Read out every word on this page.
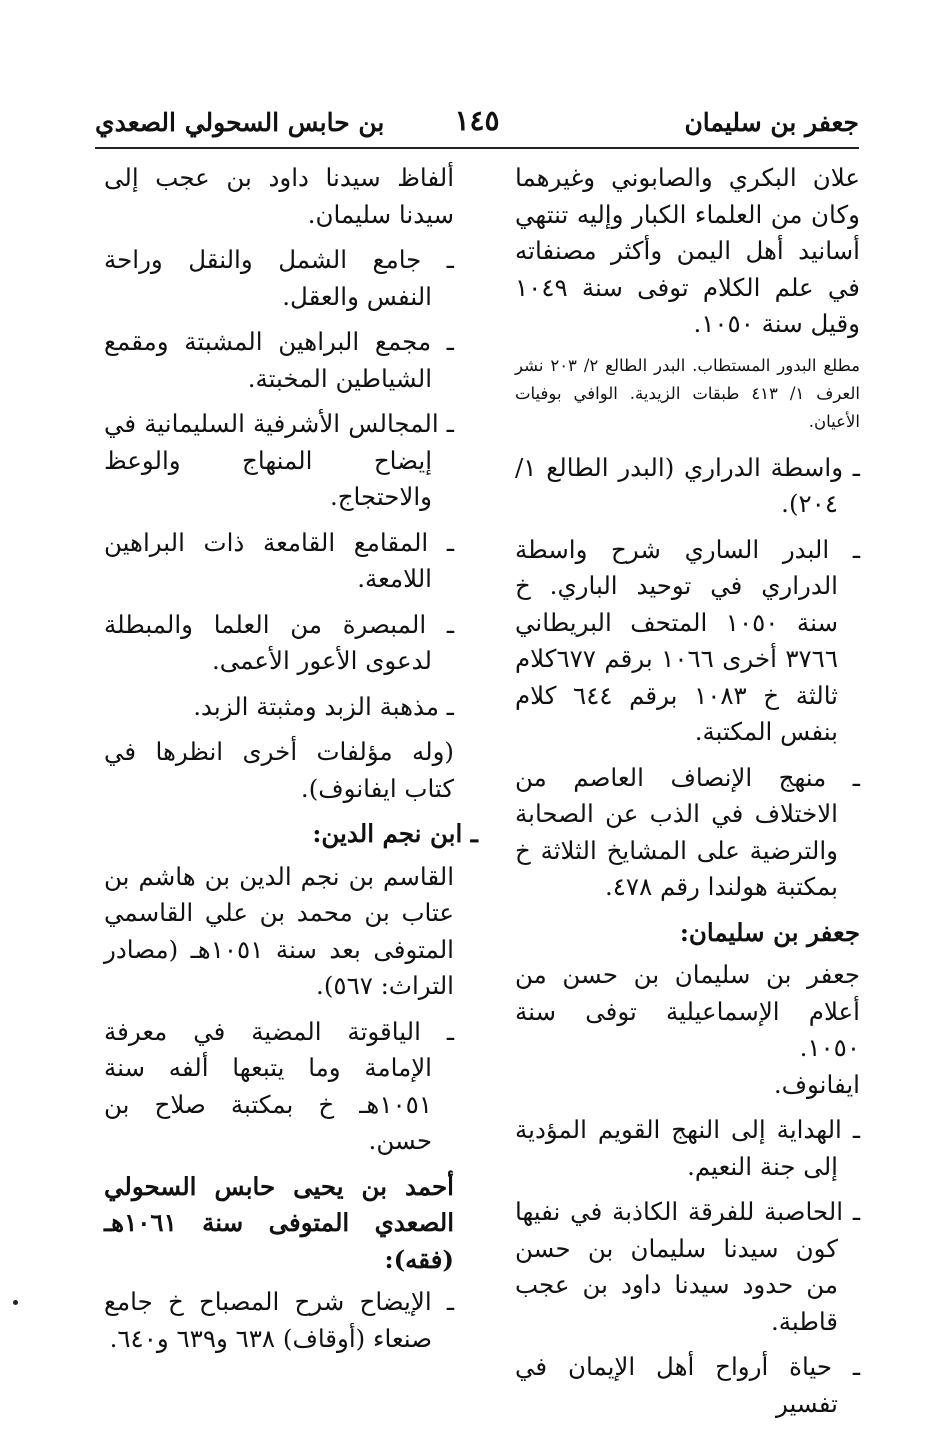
جعفر بن سليمان
١٤٥
بن حابس السحولي الصعدي

علان البكري والصابوني وغيرهما وكان من العلماء الكبار وإليه تنتهي أسانيد أهل اليمن وأكثر مصنفاته في علم الكلام توفى سنة ١٠٤٩ وقيل سنة ١٠٥٠.

مطلع البدور المستطاب. البدر الطالع ٢/ ٢٠٣ نشر العرف ١/ ٤١٣ طبقات الزيدية. الوافي بوفيات الأعيان.

ـ واسطة الدراري (البدر الطالع ١/ ٢٠٤).

ـ البدر الساري شرح واسطة الدراري في توحيد الباري. خ سنة ١٠٥٠ المتحف البريطاني ٣٧٦٦ أخرى ١٠٦٦ برقم ٦٧٧كلام ثالثة خ ١٠٨٣ برقم ٦٤٤ كلام بنفس المكتبة.

ـ منهج الإنصاف العاصم من الاختلاف في الذب عن الصحابة والترضية على المشايخ الثلاثة خ بمكتبة هولندا رقم ٤٧٨.

جعفر بن سليمان:

جعفر بن سليمان بن حسن من أعلام الإسماعيلية توفى سنة ١٠٥٠.

ايفانوف.

ـ الهداية إلى النهج القويم المؤدية إلى جنة النعيم.

ـ الحاصبة للفرقة الكاذبة في نفيها كون سيدنا سليمان بن حسن من حدود سيدنا داود بن عجب قاطبة.

ـ حياة أرواح أهل الإيمان في تفسير

ألفاظ سيدنا داود بن عجب إلى سيدنا سليمان.

ـ جامع الشمل والنقل وراحة النفس والعقل.

ـ مجمع البراهين المشبتة ومقمع الشياطين المخبتة.

ـ المجالس الأشرفية السليمانية في إيضاح المنهاج والوعظ والاحتجاج.

ـ المقامع القامعة ذات البراهين اللامعة.

ـ المبصرة من العلما والمبطلة لدعوى الأعور الأعمى.

ـ مذهبة الزبد ومثبتة الزبد.

(وله مؤلفات أخرى انظرها في كتاب ايفانوف).

ـ ابن نجم الدين:

القاسم بن نجم الدين بن هاشم بن عتاب بن محمد بن علي القاسمي المتوفى بعد سنة ١٠٥١هـ (مصادر التراث: ٥٦٧).

ـ الياقوتة المضية في معرفة الإمامة وما يتبعها ألفه سنة ١٠٥١هـ خ بمكتبة صلاح بن حسن.

أحمد بن يحيى حابس السحولي الصعدي المتوفى سنة ١٠٦١هـ (فقه):

ـ الإيضاح شرح المصباح خ جامع صنعاء (أوقاف) ٦٣٨ و٦٣٩ و٦٤٠.
